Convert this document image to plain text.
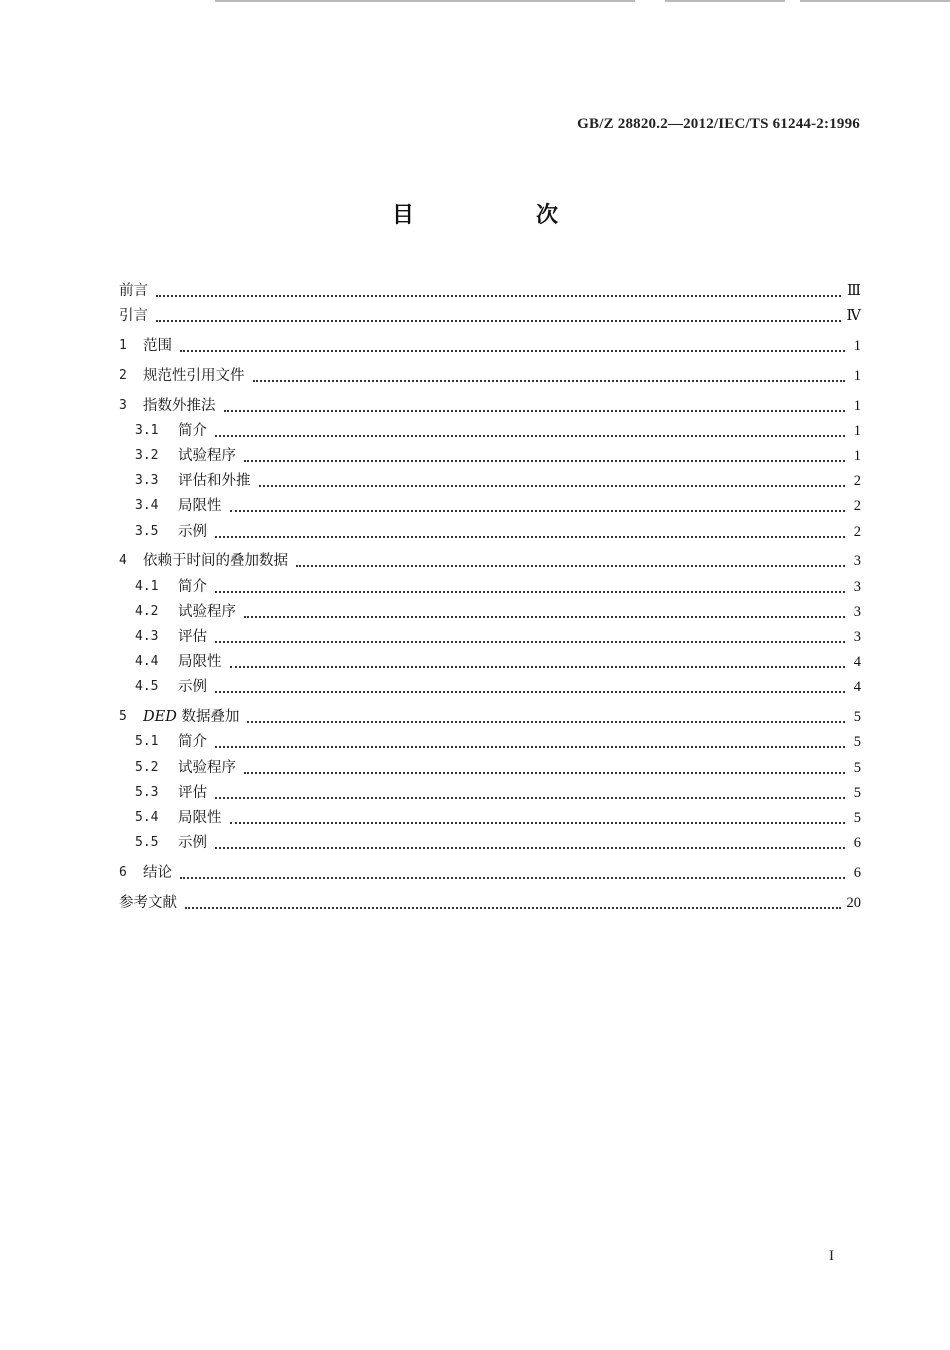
GB/Z 28820.2—2012/IEC/TS 61244-2:1996
目　次
前言	Ⅲ
引言	Ⅳ
1	范围	1
2	规范性引用文件	1
3	指数外推法	1
3.1	简介	1
3.2	试验程序	1
3.3	评估和外推	2
3.4	局限性	2
3.5	示例	2
4	依赖于时间的叠加数据	3
4.1	简介	3
4.2	试验程序	3
4.3	评估	3
4.4	局限性	4
4.5	示例	4
5	DED 数据叠加	5
5.1	简介	5
5.2	试验程序	5
5.3	评估	5
5.4	局限性	5
5.5	示例	6
6	结论	6
参考文献	20
I
